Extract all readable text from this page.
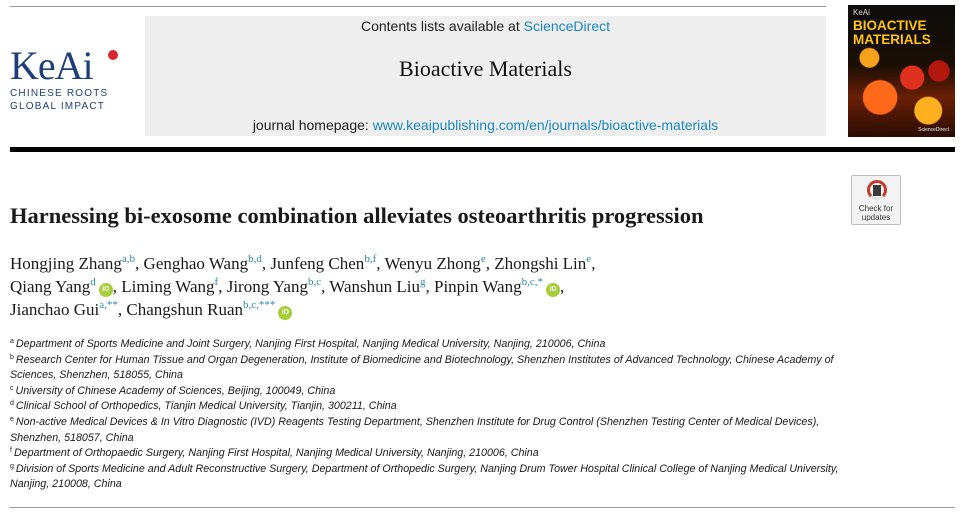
KeAi
CHINESE ROOTS
GLOBAL IMPACT
Contents lists available at ScienceDirect
Bioactive Materials
journal homepage: www.keaipublishing.com/en/journals/bioactive-materials
KeAi
BIOACTIVE
MATERIALS
ScienceDirect
Check for
updates
Harnessing bi-exosome combination alleviates osteoarthritis progression
Hongjing Zhang$^{a,b}$, Genghao Wang$^{b,d}$, Junfeng Chen$^{b,f}$, Wenyu Zhong$^e$, Zhongshi Lin$^e$,
Qiang Yang$^d$iD , Liming Wang$^f$, Jirong Yang$^{b,c}$, Wanshun Liu$^g$, Pinpin Wang$^{b,c,*}$iD ,
Jianchao Gui$^{a,**}$, Changshun Ruan$^{b,c,***}$iD
$^a$ Department of Sports Medicine and Joint Surgery, Nanjing First Hospital, Nanjing Medical University, Nanjing, 210006, China
$^b$ Research Center for Human Tissue and Organ Degeneration, Institute of Biomedicine and Biotechnology, Shenzhen Institutes of Advanced Technology, Chinese Academy of Sciences, Shenzhen, 518055, China
$^c$ University of Chinese Academy of Sciences, Beijing, 100049, China
$^d$ Clinical School of Orthopedics, Tianjin Medical University, Tianjin, 300211, China
$^e$ Non-active Medical Devices & In Vitro Diagnostic (IVD) Reagents Testing Department, Shenzhen Institute for Drug Control (Shenzhen Testing Center of Medical Devices), Shenzhen, 518057, China
$^f$ Department of Orthopaedic Surgery, Nanjing First Hospital, Nanjing Medical University, Nanjing, 210006, China
$^g$ Division of Sports Medicine and Adult Reconstructive Surgery, Department of Orthopedic Surgery, Nanjing Drum Tower Hospital Clinical College of Nanjing Medical University, Nanjing, 210008, China
